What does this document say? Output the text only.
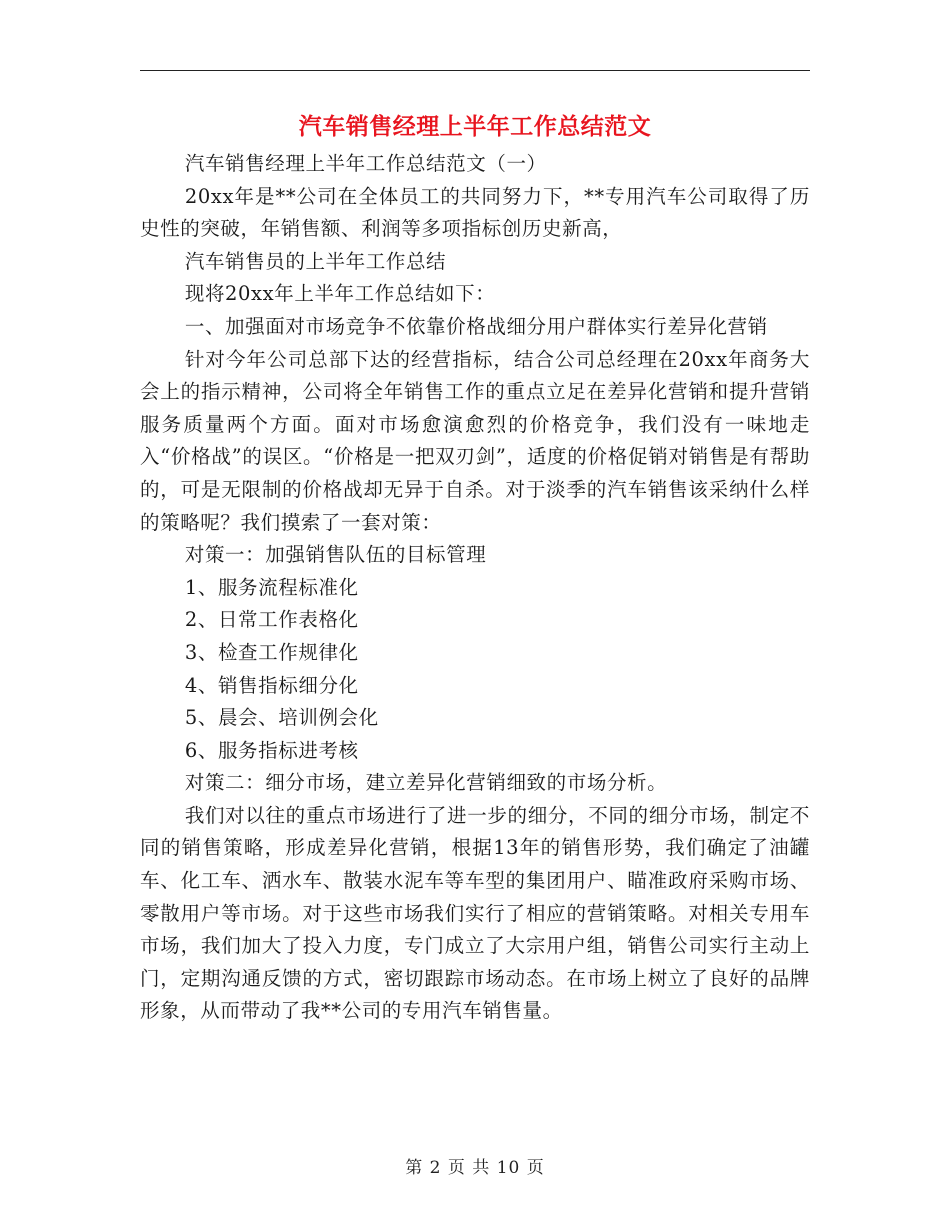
汽车销售经理上半年工作总结范文

汽车销售经理上半年工作总结范文（一）

20xx年是**公司在全体员工的共同努力下，**专用汽车公司取得了历史性的突破，年销售额、利润等多项指标创历史新高，

汽车销售员的上半年工作总结

现将20xx年上半年工作总结如下：

一、加强面对市场竞争不依靠价格战细分用户群体实行差异化营销

针对今年公司总部下达的经营指标，结合公司总经理在20xx年商务大会上的指示精神，公司将全年销售工作的重点立足在差异化营销和提升营销服务质量两个方面。面对市场愈演愈烈的价格竞争，我们没有一味地走入“价格战”的误区。“价格是一把双刃剑”，适度的价格促销对销售是有帮助的，可是无限制的价格战却无异于自杀。对于淡季的汽车销售该采纳什么样的策略呢？我们摸索了一套对策：

对策一：加强销售队伍的目标管理

1、服务流程标准化

2、日常工作表格化

3、检查工作规律化

4、销售指标细分化

5、晨会、培训例会化

6、服务指标进考核

对策二：细分市场，建立差异化营销细致的市场分析。

我们对以往的重点市场进行了进一步的细分，不同的细分市场，制定不同的销售策略，形成差异化营销，根据13年的销售形势，我们确定了油罐车、化工车、洒水车、散装水泥车等车型的集团用户、瞄准政府采购市场、零散用户等市场。对于这些市场我们实行了相应的营销策略。对相关专用车市场，我们加大了投入力度，专门成立了大宗用户组，销售公司实行主动上门，定期沟通反馈的方式，密切跟踪市场动态。在市场上树立了良好的品牌形象，从而带动了我**公司的专用汽车销售量。

第 2 页 共 10 页
